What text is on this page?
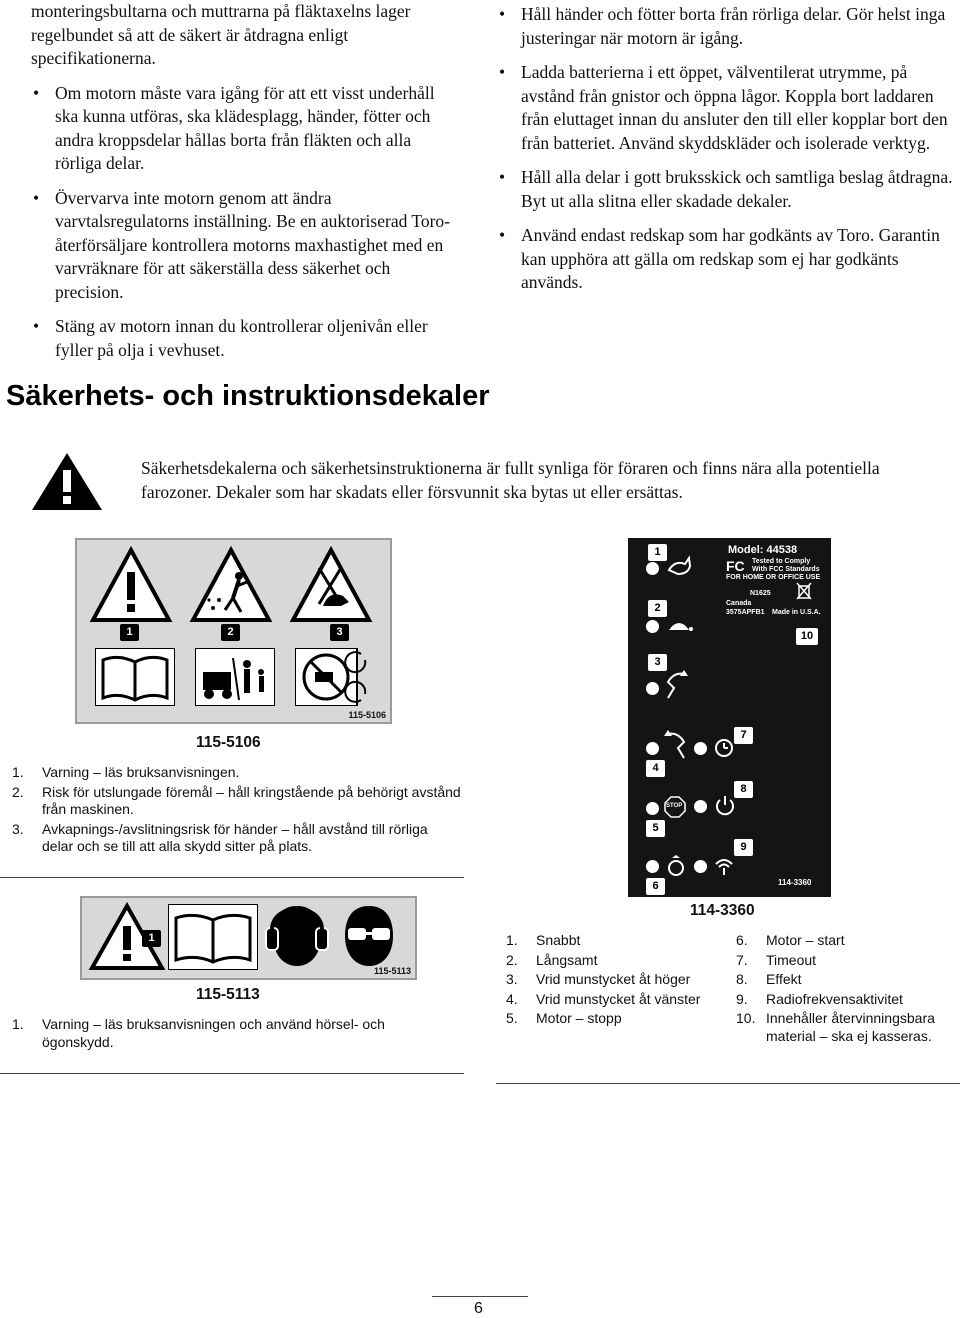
monteringsbultarna och muttrarna på fläktaxelns lager regelbundet så att de säkert är åtdragna enligt specifikationerna.

• Om motorn måste vara igång för att ett visst underhåll ska kunna utföras, ska klädesplagg, händer, fötter och andra kroppsdelar hållas borta från fläkten och alla rörliga delar.
• Övervarva inte motorn genom att ändra varvtalsregulatorns inställning. Be en auktoriserad Toro-återförsäljare kontrollera motorns maxhastighet med en varvräknare för att säkerställa dess säkerhet och precision.
• Stäng av motorn innan du kontrollerar oljenivån eller fyller på olja i vevhuset.
• Håll händer och fötter borta från rörliga delar. Gör helst inga justeringar när motorn är igång.
• Ladda batterierna i ett öppet, välventilerat utrymme, på avstånd från gnistor och öppna lågor. Koppla bort laddaren från eluttaget innan du ansluter den till eller kopplar bort den från batteriet. Använd skyddskläder och isolerade verktyg.
• Håll alla delar i gott bruksskick och samtliga beslag åtdragna. Byt ut alla slitna eller skadade dekaler.
• Använd endast redskap som har godkänts av Toro. Garantin kan upphöra att gälla om redskap som ej har godkänts används.
Säkerhets- och instruktionsdekaler

Säkerhetsdekalerna och säkerhetsinstruktionerna är fullt synliga för föraren och finns nära alla potentiella farozoner. Dekaler som har skadats eller försvunnit ska bytas ut eller ersättas.

1	2	3
115-5106
115-5106
1. Varning – läs bruksanvisningen.
2. Risk för utslungade föremål – håll kringstående på behörigt avstånd från maskinen.
3. Avkapnings-/avslitningsrisk för händer – håll avstånd till rörliga delar och se till att alla skydd sitter på plats.
1
115-5113
115-5113
1. Varning – läs bruksanvisningen och använd hörsel- och ögonskydd.
Model: 44538
FC Tested to Comply
With FCC Standards
FOR HOME OR OFFICE USE
N1625
Canada
3575APFB1 Made in U.S.A.
1
2
3
4
5
6
7
8
9
10
STOP
114-3360
114-3360
1. Snabbt
2. Långsamt
3. Vrid munstycket åt höger
4. Vrid munstycket åt vänster
5. Motor – stopp
6. Motor – start
7. Timeout
8. Effekt
9. Radiofrekvensaktivitet
10. Innehåller återvinningsbara material – ska ej kasseras.
6
